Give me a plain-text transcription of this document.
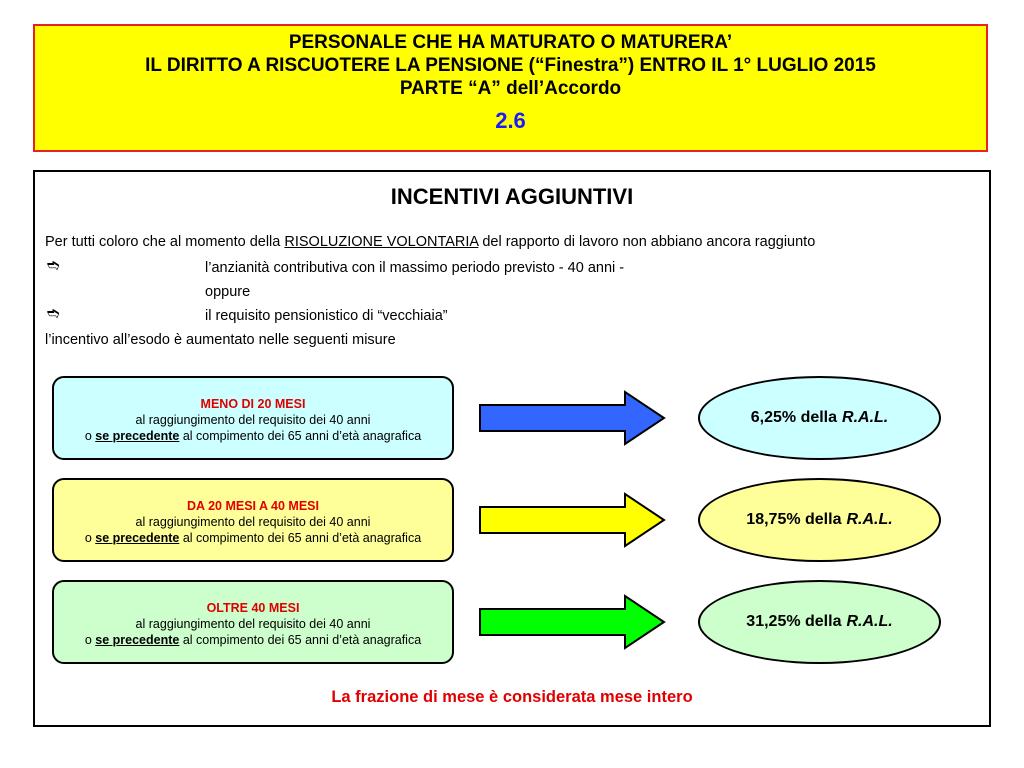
PERSONALE CHE HA MATURATO O MATURERA’
IL DIRITTO A RISCUOTERE LA PENSIONE (“Finestra”) ENTRO IL 1° LUGLIO 2015
PARTE “A” dell’Accordo
2.6
INCENTIVI AGGIUNTIVI
Per tutti coloro che al momento della RISOLUZIONE VOLONTARIA del rapporto di lavoro non abbiano ancora raggiunto
➬	l’anzianità contributiva con il massimo periodo previsto - 40 anni -
oppure
➬	il requisito pensionistico di “vecchiaia”
l’incentivo all’esodo è aumentato nelle seguenti misure
MENO DI 20 MESI
al raggiungimento del requisito dei 40 anni
o se precedente al compimento dei 65 anni d’età anagrafica
6,25% della R.A.L.
DA 20 MESI A 40 MESI
al raggiungimento del requisito dei 40 anni
o se precedente al compimento dei 65 anni d’età anagrafica
18,75% della R.A.L.
OLTRE 40 MESI
al raggiungimento del requisito dei 40 anni
o se precedente al compimento dei 65 anni d’età anagrafica
31,25% della R.A.L.
La frazione di mese è considerata mese intero
